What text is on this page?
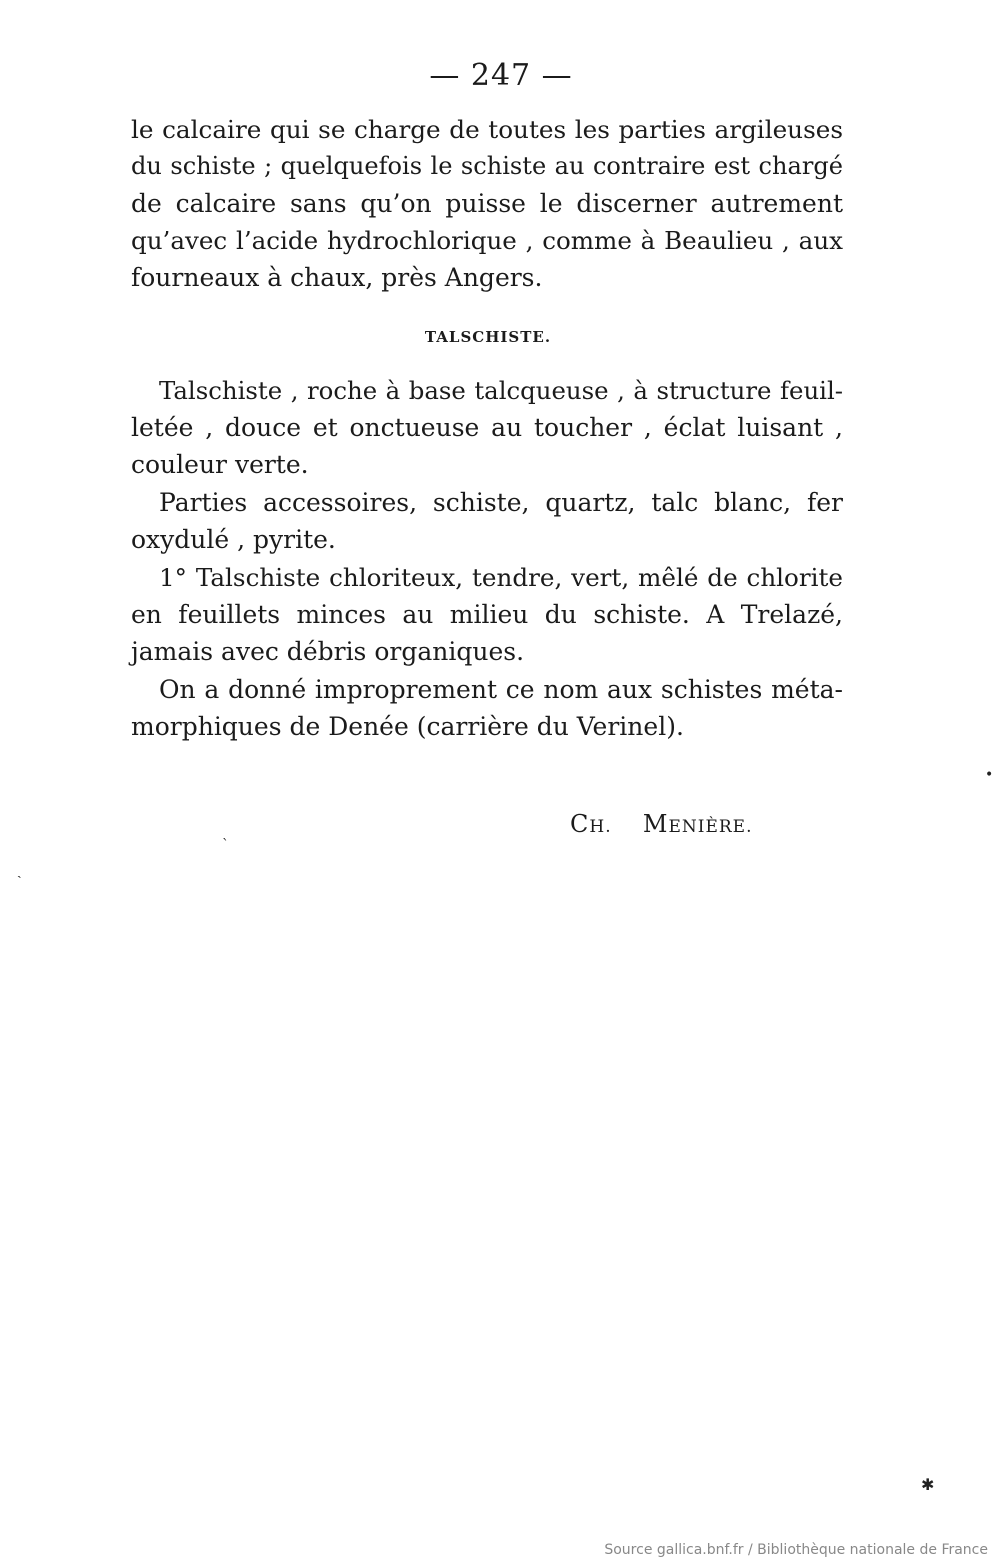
— 247 —
le calcaire qui se charge de toutes les parties argileuses
du schiste ; quelquefois le schiste au contraire est chargé
de calcaire sans qu’on puisse le discerner autrement
qu’avec l’acide hydrochlorique , comme à Beaulieu , aux
fourneaux à chaux, près Angers.
TALSCHISTE.
Talschiste , roche à base talcqueuse , à structure feuil-
letée , douce et onctueuse au toucher , éclat luisant ,
couleur verte.
Parties accessoires, schiste, quartz, talc blanc, fer
oxydulé , pyrite.
1° Talschiste chloriteux, tendre, vert, mêlé de chlorite
en feuillets minces au milieu du schiste. A Trelazé,
jamais avec débris organiques.
On a donné improprement ce nom aux schistes méta-
morphiques de Denée (carrière du Verinel).
CH. MENIÈRE.
•
ˋ
ˏ
✱
Source gallica.bnf.fr / Bibliothèque nationale de France
